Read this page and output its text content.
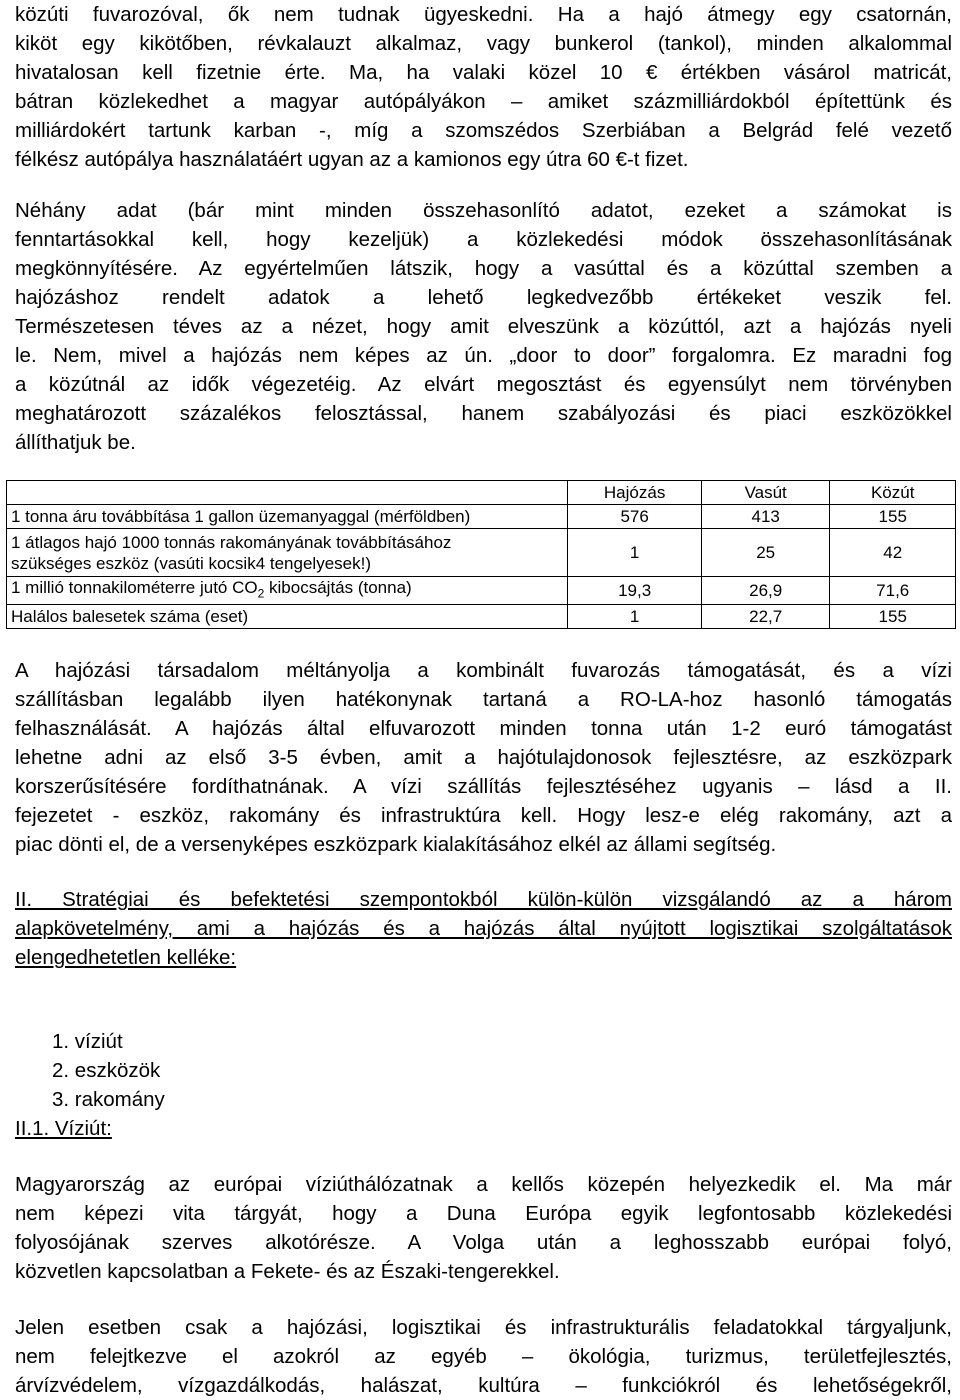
közúti fuvarozóval, ők nem tudnak ügyeskedni. Ha a hajó átmegy egy csatornán,
kiköt egy kikötőben, révkalauzt alkalmaz, vagy bunkerol (tankol), minden alkalommal
hivatalosan kell fizetnie érte. Ma, ha valaki közel 10 € értékben vásárol matricát,
bátran közlekedhet a magyar autópályákon – amiket százmilliárdokból építettünk és
milliárdokért tartunk karban -, míg a szomszédos Szerbiában a Belgrád felé vezető
félkész autópálya használatáért ugyan az a kamionos egy útra 60 €-t fizet.
Néhány adat (bár mint minden összehasonlító adatot, ezeket a számokat is
fenntartásokkal kell, hogy kezeljük) a közlekedési módok összehasonlításának
megkönnyítésére. Az egyértelműen látszik, hogy a vasúttal és a közúttal szemben a
hajózáshoz rendelt adatok a lehető legkedvezőbb értékeket veszik fel.
Természetesen téves az a nézet, hogy amit elveszünk a közúttól, azt a hajózás nyeli
le. Nem, mivel a hajózás nem képes az ún. „door to door” forgalomra. Ez maradni fog
a közútnál az idők végezetéig. Az elvárt megosztást és egyensúlyt nem törvényben
meghatározott százalékos felosztással, hanem szabályozási és piaci eszközökkel
állíthatjuk be.
	Hajózás	Vasút	Közút
1 tonna áru továbbítása 1 gallon üzemanyaggal (mérföldben)	576	413	155

1 átlagos hajó 1000 tonnás rakományának továbbításához
szükséges eszköz (vasúti kocsik4 tengelyesek!)	1	25	42
1 millió tonnakilométerre jutó $CO_2$ kibocsájtás (tonna)	19,3	26,9	71,6
Halálos balesetek száma (eset)	1	22,7	155
A hajózási társadalom méltányolja a kombinált fuvarozás támogatását, és a vízi
szállításban legalább ilyen hatékonynak tartaná a RO-LA-hoz hasonló támogatás
felhasználását. A hajózás által elfuvarozott minden tonna után 1-2 euró támogatást
lehetne adni az első 3-5 évben, amit a hajótulajdonosok fejlesztésre, az eszközpark
korszerűsítésére fordíthatnának. A vízi szállítás fejlesztéséhez ugyanis – lásd a II.
fejezetet - eszköz, rakomány és infrastruktúra kell. Hogy lesz-e elég rakomány, azt a
piac dönti el, de a versenyképes eszközpark kialakításához elkél az állami segítség.
II. Stratégiai és befektetési szempontokból külön-külön vizsgálandó az a három
alapkövetelmény, ami a hajózás és a hajózás által nyújtott logisztikai szolgáltatások
elengedhetetlen kelléke:
1. víziút
2. eszközök
3. rakomány
II.1. Víziút:
Magyarország az európai víziúthálózatnak a kellős közepén helyezkedik el. Ma már
nem képezi vita tárgyát, hogy a Duna Európa egyik legfontosabb közlekedési
folyosójának szerves alkotórésze. A Volga után a leghosszabb európai folyó,
közvetlen kapcsolatban a Fekete- és az Északi-tengerekkel.
Jelen esetben csak a hajózási, logisztikai és infrastrukturális feladatokkal tárgyaljunk,
nem felejtkezve el azokról az egyéb – ökológia, turizmus, területfejlesztés,
árvízvédelem, vízgazdálkodás, halászat, kultúra – funkciókról és lehetőségekről,
